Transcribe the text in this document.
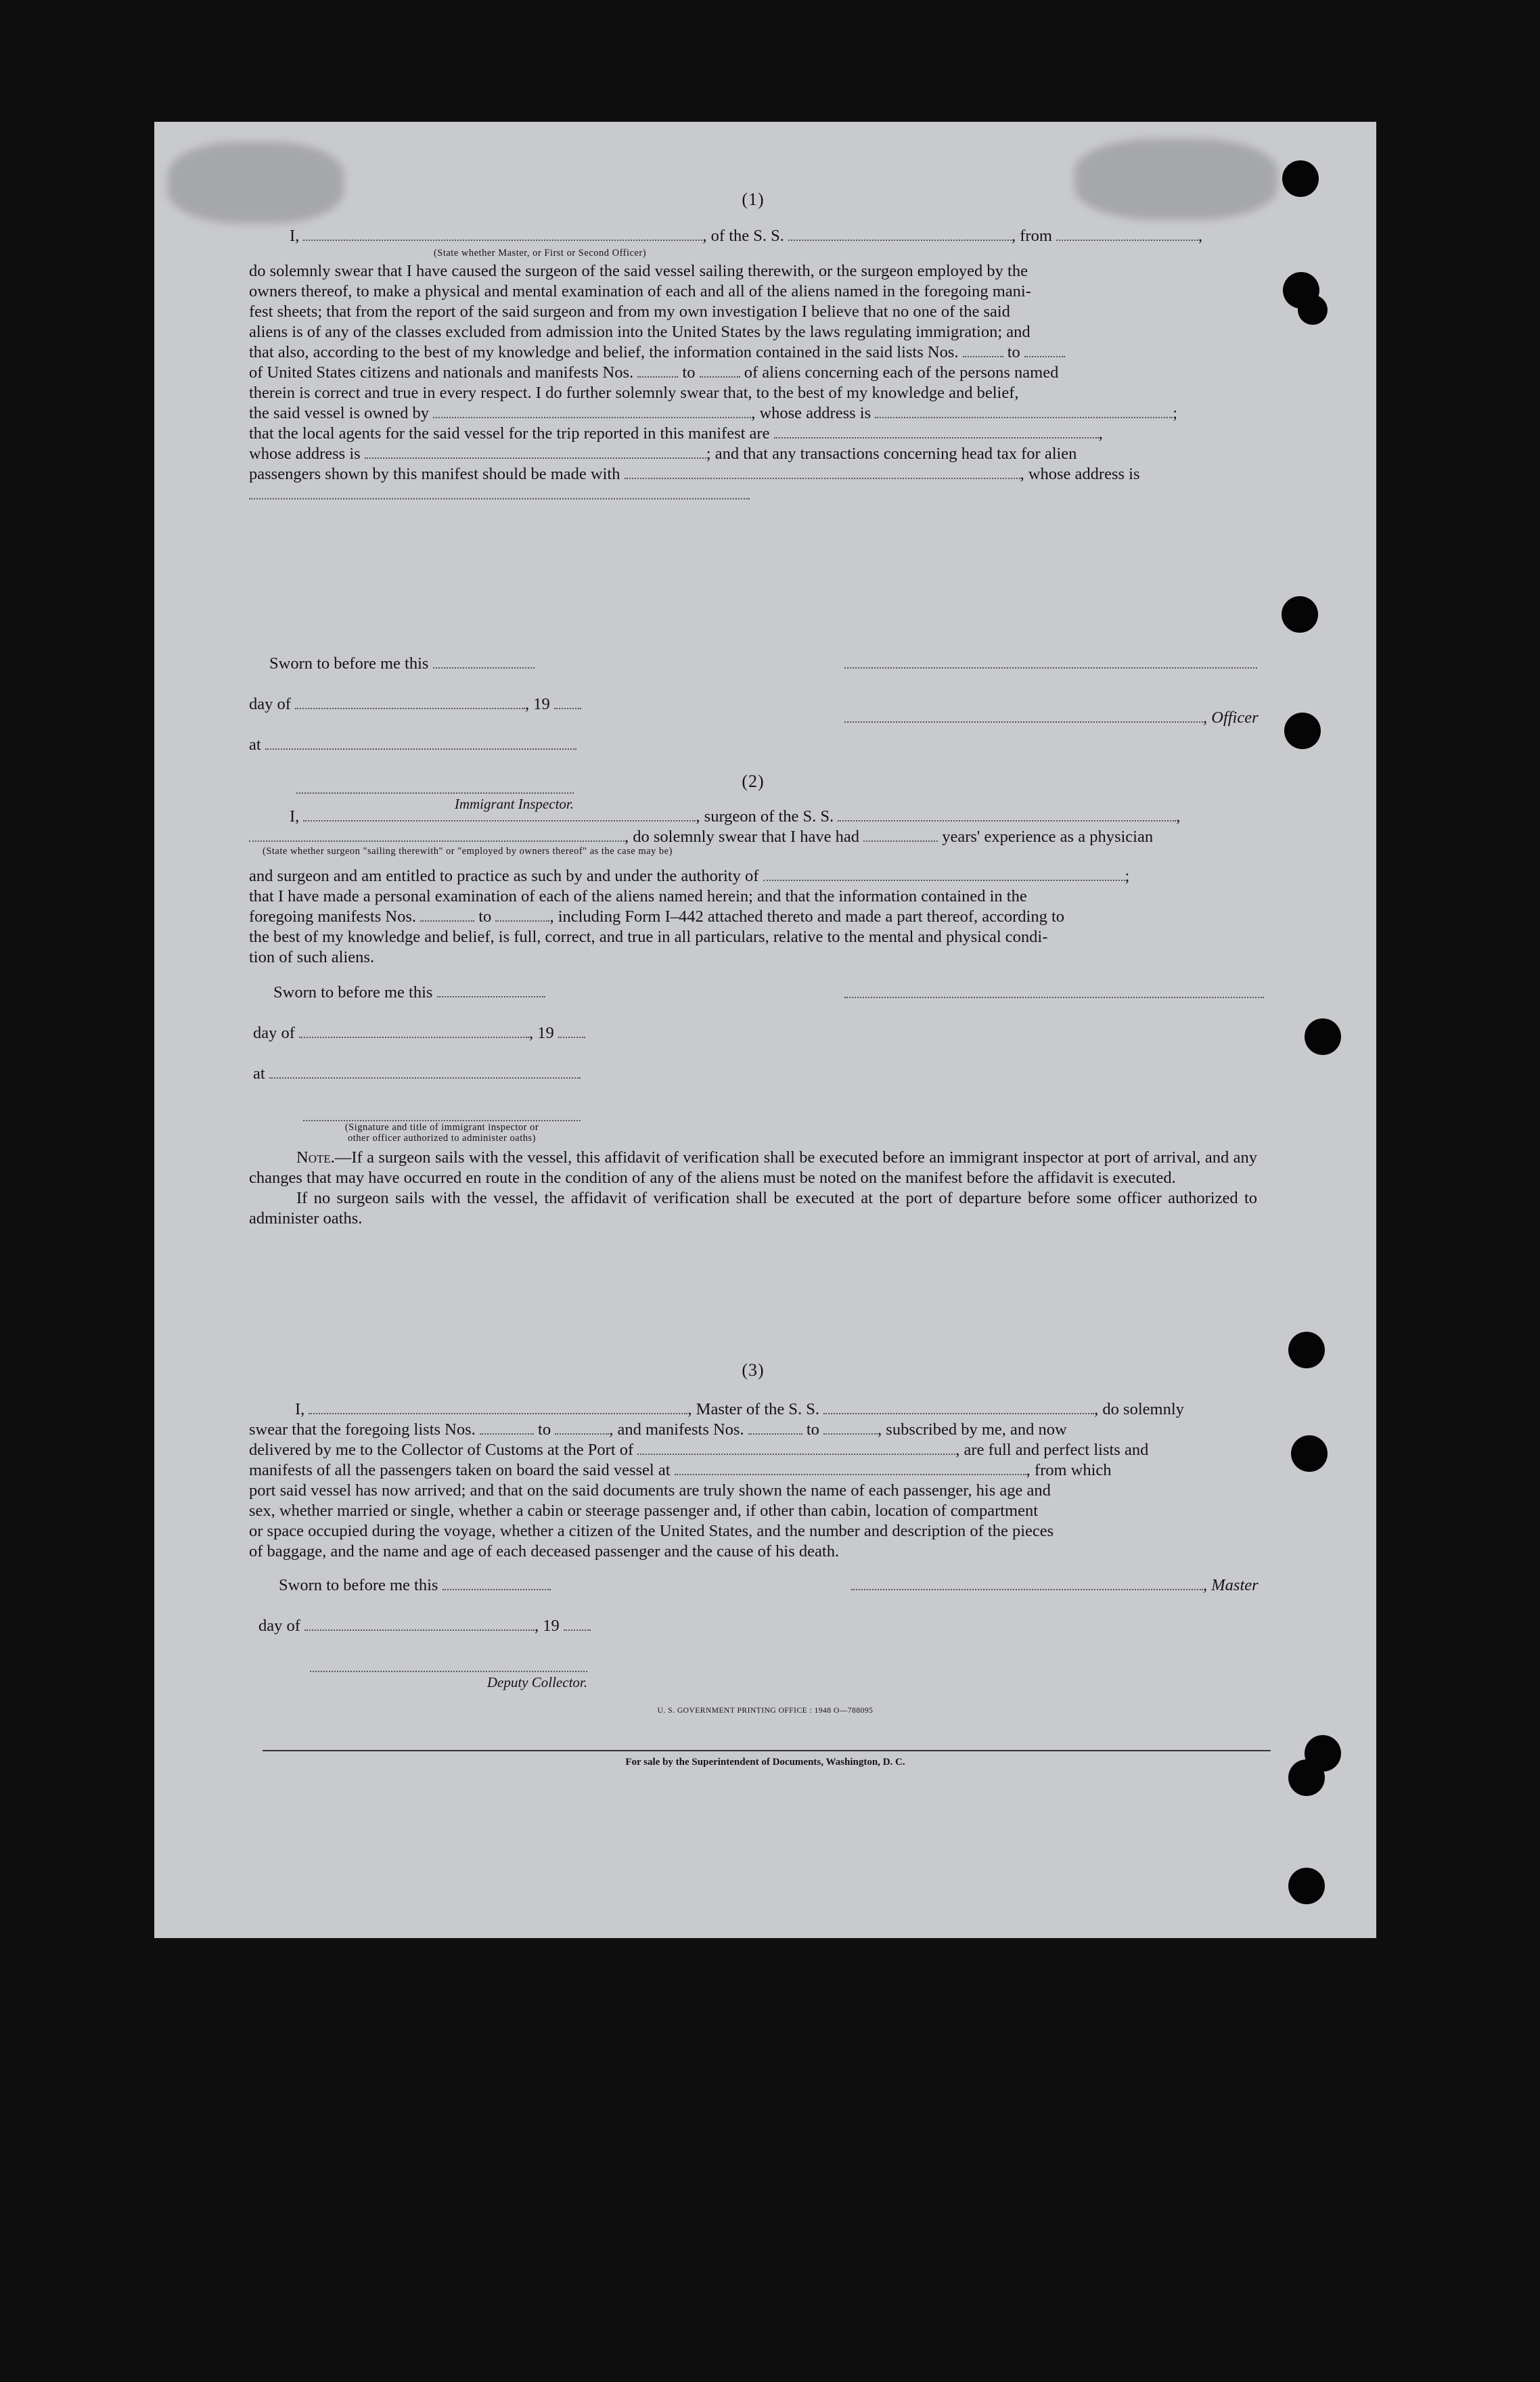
(1)
I,	, of the S. S.	, from	,
(State whether Master, or First or Second Officer)
do solemnly swear that I have caused the surgeon of the said vessel sailing therewith, or the surgeon employed by the
owners thereof, to make a physical and mental examination of each and all of the aliens named in the foregoing mani-
fest sheets; that from the report of the said surgeon and from my own investigation I believe that no one of the said
aliens is of any of the classes excluded from admission into the United States by the laws regulating immigration; and
that also, according to the best of my knowledge and belief, the information contained in the said lists Nos.	to
of United States citizens and nationals and manifests Nos.	to	of aliens concerning each of the persons named
therein is correct and true in every respect. I do further solemnly swear that, to the best of my knowledge and belief,
the said vessel is owned by	, whose address is	;
that the local agents for the said vessel for the trip reported in this manifest are	,
whose address is	; and that any transactions concerning head tax for alien
passengers shown by this manifest should be made with	, whose address is
Sworn to before me this
day of	, 19
at
Immigrant Inspector.
, Officer
(2)
I,	, surgeon of the S. S.	,
, do solemnly swear that I have had	years' experience as a physician
(State whether surgeon "sailing therewith" or "employed by owners thereof" as the case may be)
and surgeon and am entitled to practice as such by and under the authority of	;
that I have made a personal examination of each of the aliens named herein; and that the information contained in the
foregoing manifests Nos.	to	, including Form I–442 attached thereto and made a part thereof, according to
the best of my knowledge and belief, is full, correct, and true in all particulars, relative to the mental and physical condi-
tion of such aliens.
Sworn to before me this
day of	, 19
at
(Signature and title of immigrant inspector or
other officer authorized to administer oaths)
Note.—If a surgeon sails with the vessel, this affidavit of verification shall be executed before an immigrant inspector at port of arrival, and any changes that may have occurred en route in the condition of any of the aliens must be noted on the manifest before the affidavit is executed.
If no surgeon sails with the vessel, the affidavit of verification shall be executed at the port of departure before some officer authorized to administer oaths.
(3)
I,	, Master of the S. S.	, do solemnly
swear that the foregoing lists Nos.	to	, and manifests Nos.	to	, subscribed by me, and now
delivered by me to the Collector of Customs at the Port of	, are full and perfect lists and
manifests of all the passengers taken on board the said vessel at	, from which
port said vessel has now arrived; and that on the said documents are truly shown the name of each passenger, his age and
sex, whether married or single, whether a cabin or steerage passenger and, if other than cabin, location of compartment
or space occupied during the voyage, whether a citizen of the United States, and the number and description of the pieces
of baggage, and the name and age of each deceased passenger and the cause of his death.
Sworn to before me this	, Master
day of	, 19
Deputy Collector.
U. S. GOVERNMENT PRINTING OFFICE : 1948 O—788095
For sale by the Superintendent of Documents, Washington, D. C.
